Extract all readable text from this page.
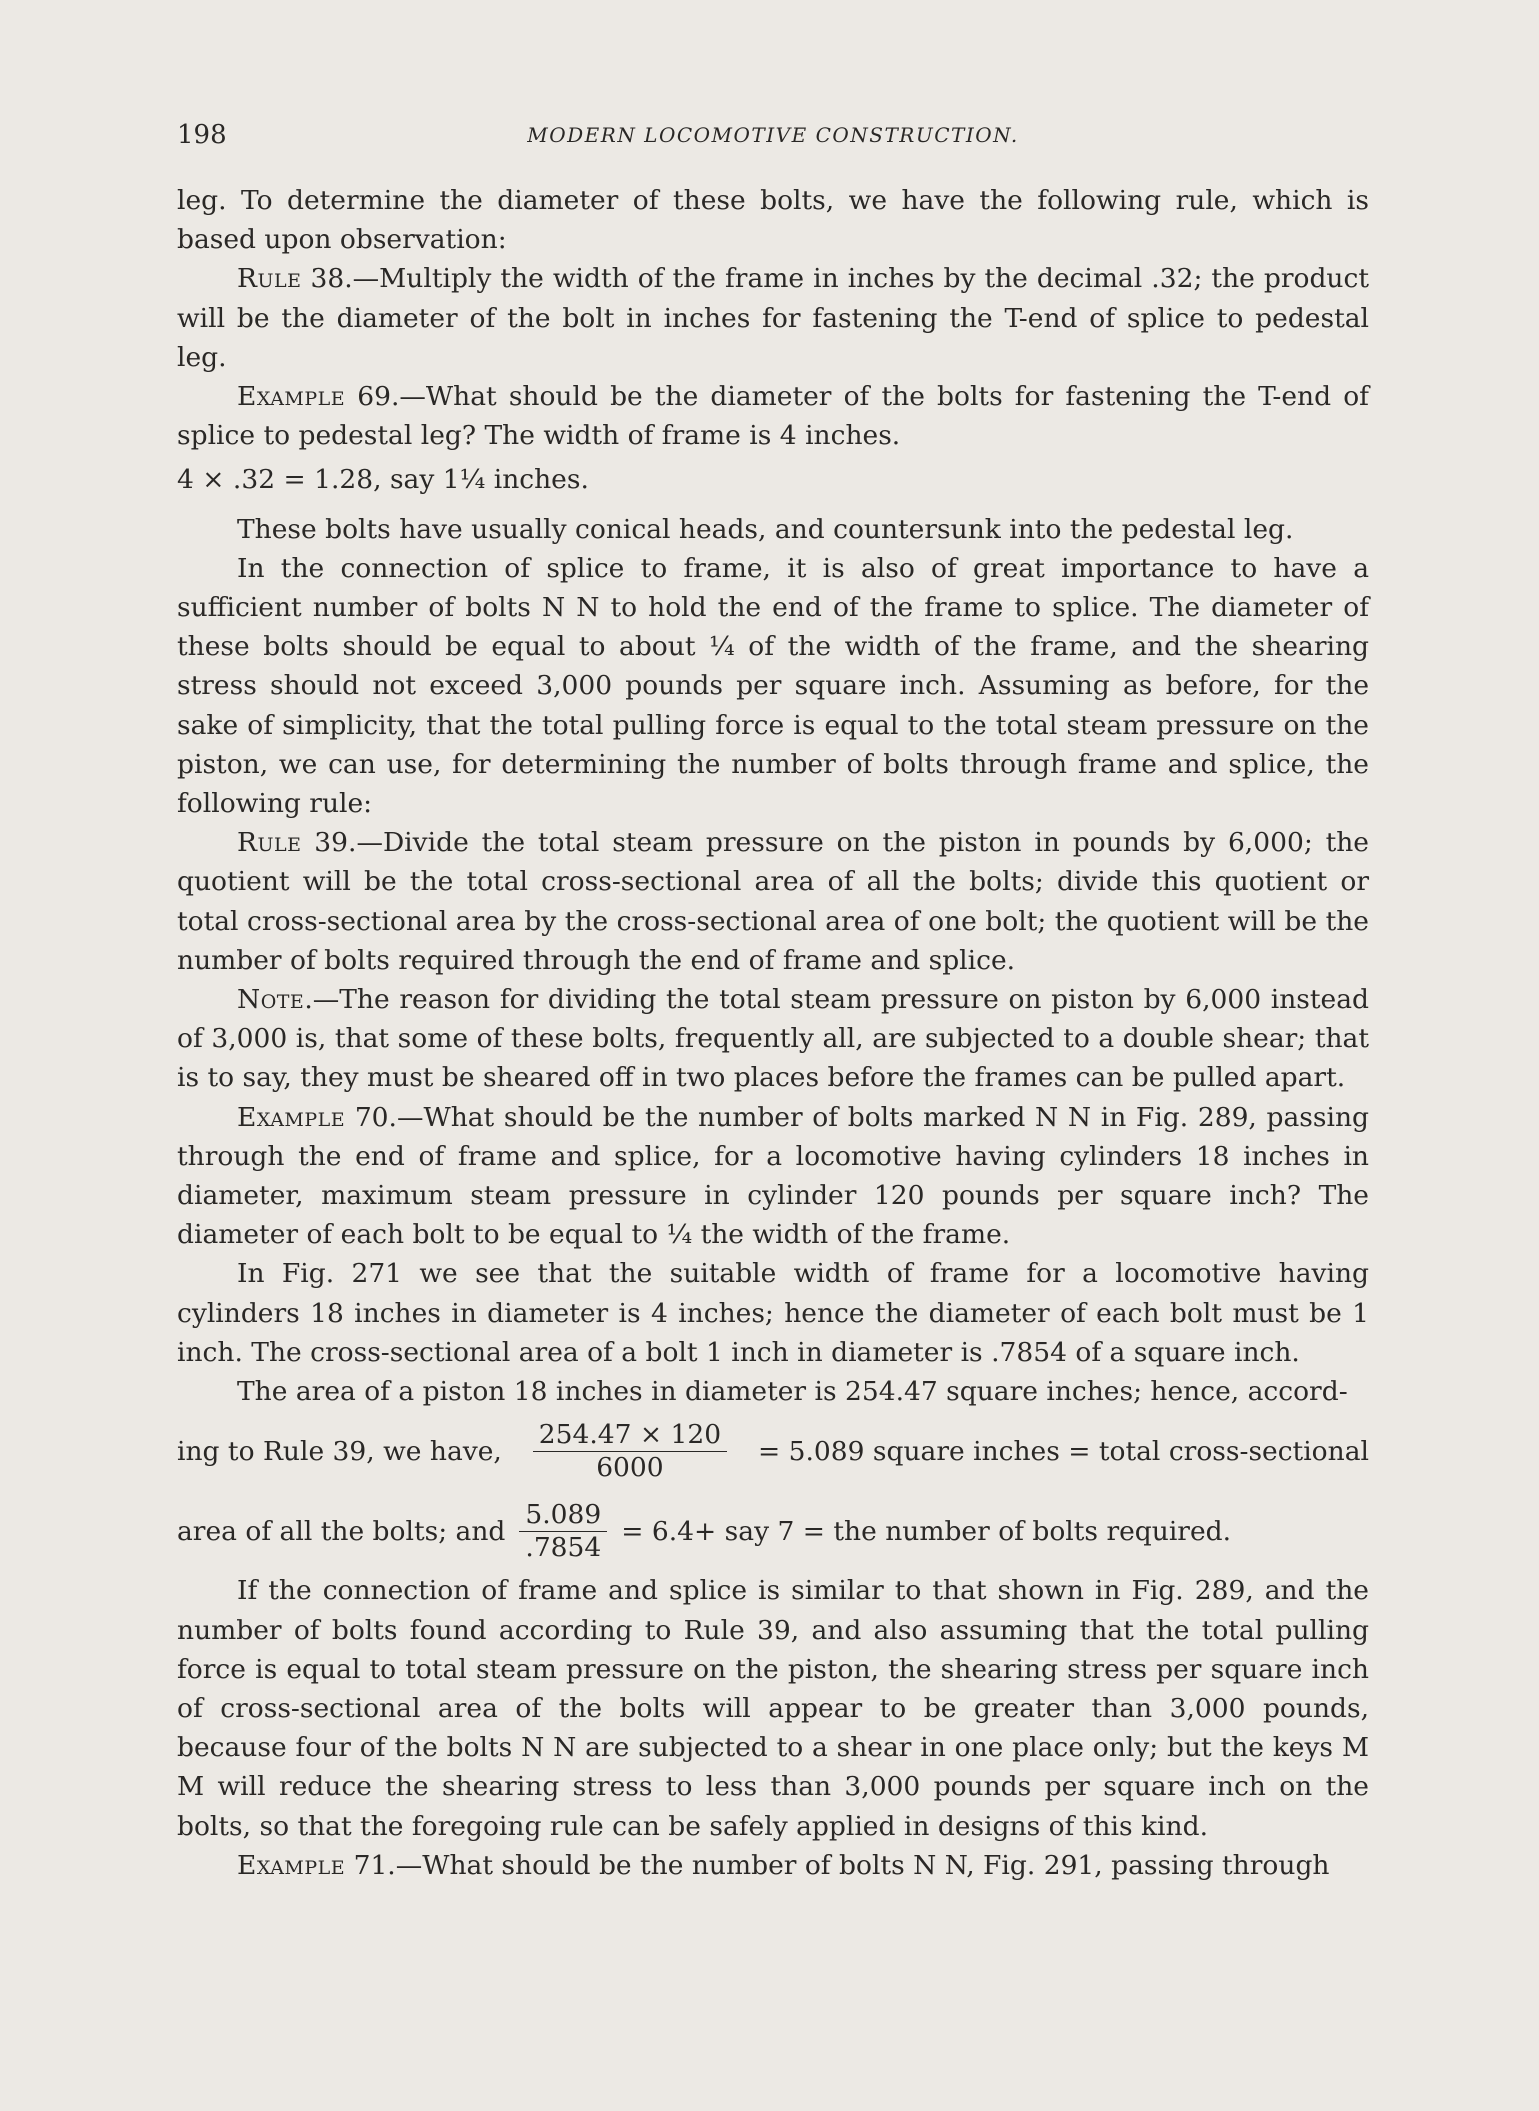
198	MODERN LOCOMOTIVE CONSTRUCTION.

leg. To determine the diameter of these bolts, we have the following rule, which is based upon observation:

Rule 38.—Multiply the width of the frame in inches by the decimal .32; the product will be the diameter of the bolt in inches for fastening the T-end of splice to pedestal leg.

Example 69.—What should be the diameter of the bolts for fastening the T-end of splice to pedestal leg? The width of frame is 4 inches.

4 × .32 = 1.28, say 1¼ inches.

These bolts have usually conical heads, and countersunk into the pedestal leg.

In the connection of splice to frame, it is also of great importance to have a sufficient number of bolts N N to hold the end of the frame to splice. The diameter of these bolts should be equal to about ¼ of the width of the frame, and the shearing stress should not exceed 3,000 pounds per square inch. Assuming as before, for the sake of simplicity, that the total pulling force is equal to the total steam pressure on the piston, we can use, for determining the number of bolts through frame and splice, the following rule:

Rule 39.—Divide the total steam pressure on the piston in pounds by 6,000; the quotient will be the total cross-sectional area of all the bolts; divide this quotient or total cross-sectional area by the cross-sectional area of one bolt; the quotient will be the number of bolts required through the end of frame and splice.

Note.—The reason for dividing the total steam pressure on piston by 6,000 instead of 3,000 is, that some of these bolts, frequently all, are subjected to a double shear; that is to say, they must be sheared off in two places before the frames can be pulled apart.

Example 70.—What should be the number of bolts marked N N in Fig. 289, passing through the end of frame and splice, for a locomotive having cylinders 18 inches in diameter, maximum steam pressure in cylinder 120 pounds per square inch? The diameter of each bolt to be equal to ¼ the width of the frame.

In Fig. 271 we see that the suitable width of frame for a locomotive having cylinders 18 inches in diameter is 4 inches; hence the diameter of each bolt must be 1 inch. The cross-sectional area of a bolt 1 inch in diameter is .7854 of a square inch.

The area of a piston 18 inches in diameter is 254.47 square inches; hence, accord-

ing to Rule 39, we have, $\frac{254.47 \times 120}{6000} = 5.089$ square inches = total cross-sectional
area of all the bolts; and $\frac{5.089}{.7854} = 6.4+$ say 7 = the number of bolts required.

If the connection of frame and splice is similar to that shown in Fig. 289, and the number of bolts found according to Rule 39, and also assuming that the total pulling force is equal to total steam pressure on the piston, the shearing stress per square inch of cross-sectional area of the bolts will appear to be greater than 3,000 pounds, because four of the bolts N N are subjected to a shear in one place only; but the keys M M will reduce the shearing stress to less than 3,000 pounds per square inch on the bolts, so that the foregoing rule can be safely applied in designs of this kind.

Example 71.—What should be the number of bolts N N, Fig. 291, passing through
